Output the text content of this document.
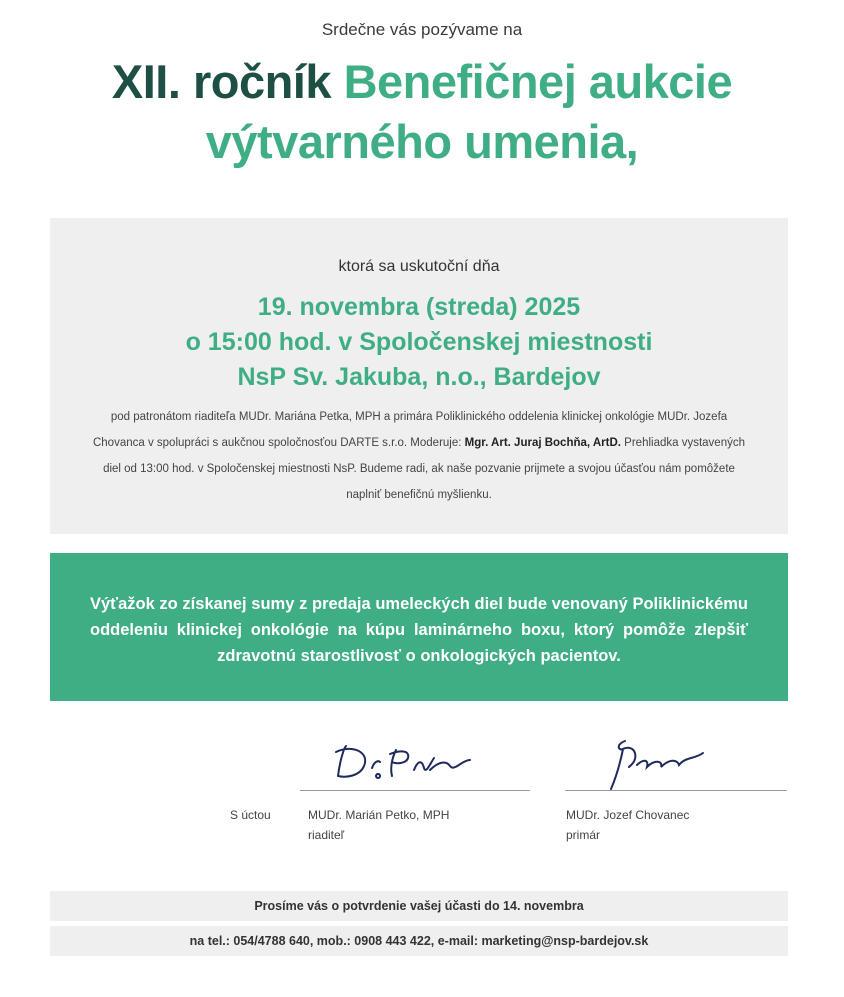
Srdečne vás pozývame na
XII. ročník Benefičnej aukcie
výtvarného umenia,
ktorá sa uskutoční dňa
19. novembra (streda) 2025
o 15:00 hod. v Spoločenskej miestnosti
NsP Sv. Jakuba, n.o., Bardejov
pod patronátom riaditeľa MUDr. Mariána Petka, MPH a primára Poliklinického oddelenia klinickej onkológie MUDr. Jozefa Chovanca v spolupráci s aukčnou spoločnosťou DARTE s.r.o. Moderuje: Mgr. Art. Juraj Bochňa, ArtD. Prehliadka vystavených diel od 13:00 hod. v Spoločenskej miestnosti NsP. Budeme radi, ak naše pozvanie prijmete a svojou účasťou nám pomôžete naplniť benefičnú myšlienku.
Výťažok zo získanej sumy z predaja umeleckých diel bude venovaný Poliklinickému oddeleniu klinickej onkológie na kúpu laminárneho boxu, ktorý pomôže zlepšiť zdravotnú starostlivosť o onkologických pacientov.
S úctou	MUDr. Marián Petko, MPH
riaditeľ
MUDr. Jozef Chovanec
primár
Prosíme vás o potvrdenie vašej účasti do 14. novembra
na tel.: 054/4788 640, mob.: 0908 443 422, e-mail: marketing@nsp-bardejov.sk
